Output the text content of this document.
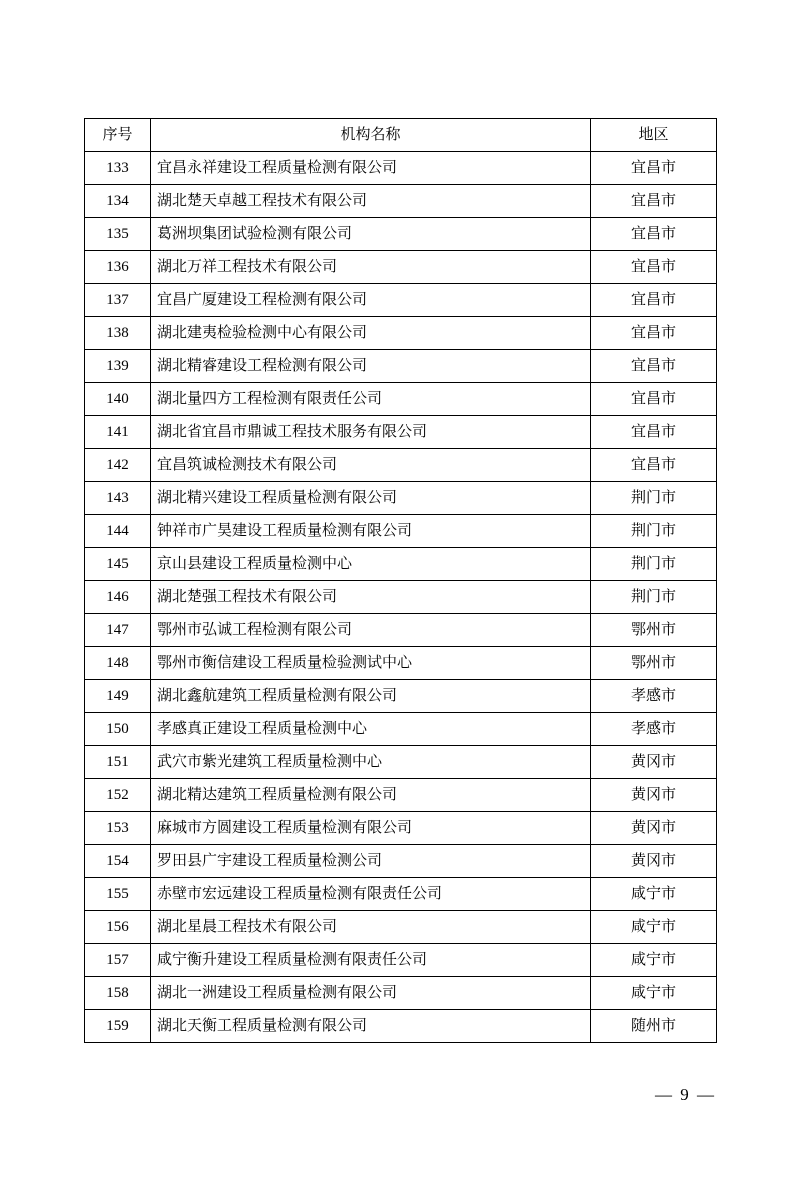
序号	机构名称	地区
133	宜昌永祥建设工程质量检测有限公司	宜昌市
134	湖北楚天卓越工程技术有限公司	宜昌市
135	葛洲坝集团试验检测有限公司	宜昌市
136	湖北万祥工程技术有限公司	宜昌市
137	宜昌广厦建设工程检测有限公司	宜昌市
138	湖北建夷检验检测中心有限公司	宜昌市
139	湖北精睿建设工程检测有限公司	宜昌市
140	湖北量四方工程检测有限责任公司	宜昌市
141	湖北省宜昌市鼎诚工程技术服务有限公司	宜昌市
142	宜昌筑诚检测技术有限公司	宜昌市
143	湖北精兴建设工程质量检测有限公司	荆门市
144	钟祥市广昊建设工程质量检测有限公司	荆门市
145	京山县建设工程质量检测中心	荆门市
146	湖北楚强工程技术有限公司	荆门市
147	鄂州市弘诚工程检测有限公司	鄂州市
148	鄂州市衡信建设工程质量检验测试中心	鄂州市
149	湖北鑫航建筑工程质量检测有限公司	孝感市
150	孝感真正建设工程质量检测中心	孝感市
151	武穴市紫光建筑工程质量检测中心	黄冈市
152	湖北精达建筑工程质量检测有限公司	黄冈市
153	麻城市方圆建设工程质量检测有限公司	黄冈市
154	罗田县广宇建设工程质量检测公司	黄冈市
155	赤壁市宏远建设工程质量检测有限责任公司	咸宁市
156	湖北星晨工程技术有限公司	咸宁市
157	咸宁衡升建设工程质量检测有限责任公司	咸宁市
158	湖北一洲建设工程质量检测有限公司	咸宁市
159	湖北天衡工程质量检测有限公司	随州市
— 9 —
